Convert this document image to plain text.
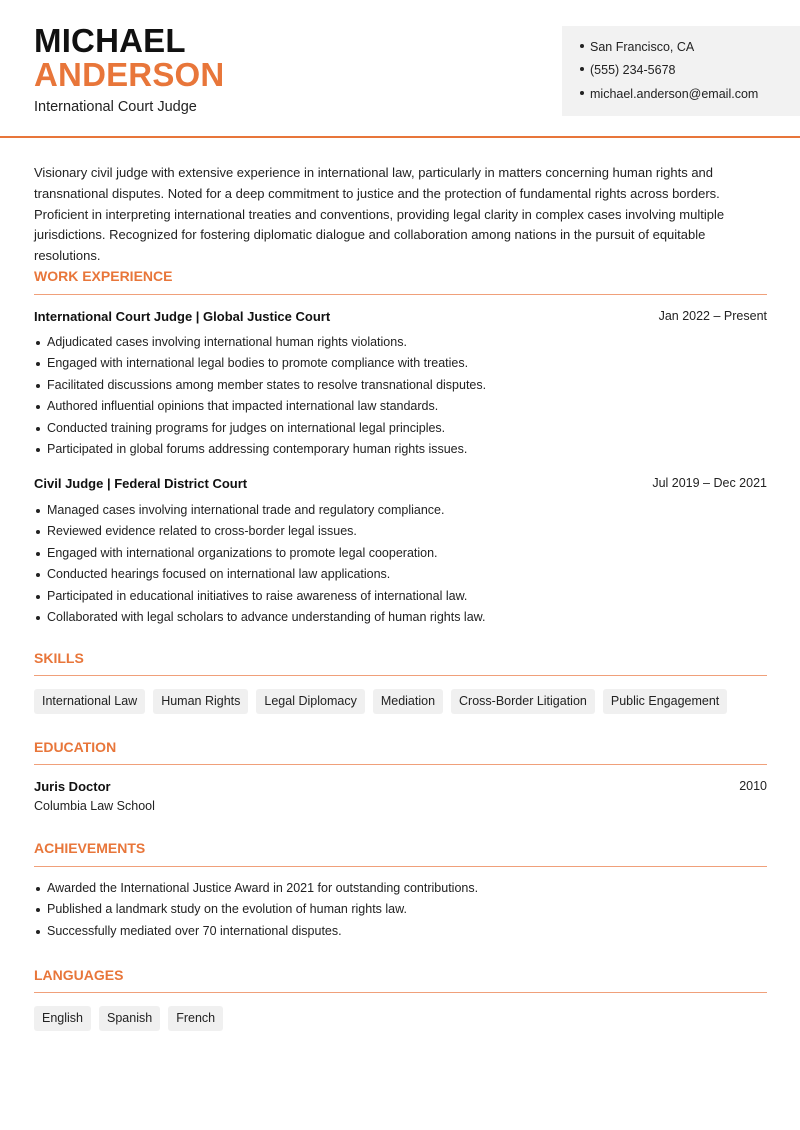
MICHAEL
ANDERSON
International Court Judge
San Francisco, CA
(555) 234-5678
michael.anderson@email.com
Visionary civil judge with extensive experience in international law, particularly in matters concerning human rights and transnational disputes. Noted for a deep commitment to justice and the protection of fundamental rights across borders. Proficient in interpreting international treaties and conventions, providing legal clarity in complex cases involving multiple jurisdictions. Recognized for fostering diplomatic dialogue and collaboration among nations in the pursuit of equitable resolutions.
WORK EXPERIENCE
International Court Judge | Global Justice Court	Jan 2022 – Present
Adjudicated cases involving international human rights violations.
Engaged with international legal bodies to promote compliance with treaties.
Facilitated discussions among member states to resolve transnational disputes.
Authored influential opinions that impacted international law standards.
Conducted training programs for judges on international legal principles.
Participated in global forums addressing contemporary human rights issues.
Civil Judge | Federal District Court	Jul 2019 – Dec 2021
Managed cases involving international trade and regulatory compliance.
Reviewed evidence related to cross-border legal issues.
Engaged with international organizations to promote legal cooperation.
Conducted hearings focused on international law applications.
Participated in educational initiatives to raise awareness of international law.
Collaborated with legal scholars to advance understanding of human rights law.
SKILLS
International Law	Human Rights	Legal Diplomacy	Mediation	Cross-Border Litigation	Public Engagement
EDUCATION
Juris Doctor	2010
Columbia Law School
ACHIEVEMENTS
Awarded the International Justice Award in 2021 for outstanding contributions.
Published a landmark study on the evolution of human rights law.
Successfully mediated over 70 international disputes.
LANGUAGES
English	Spanish	French
